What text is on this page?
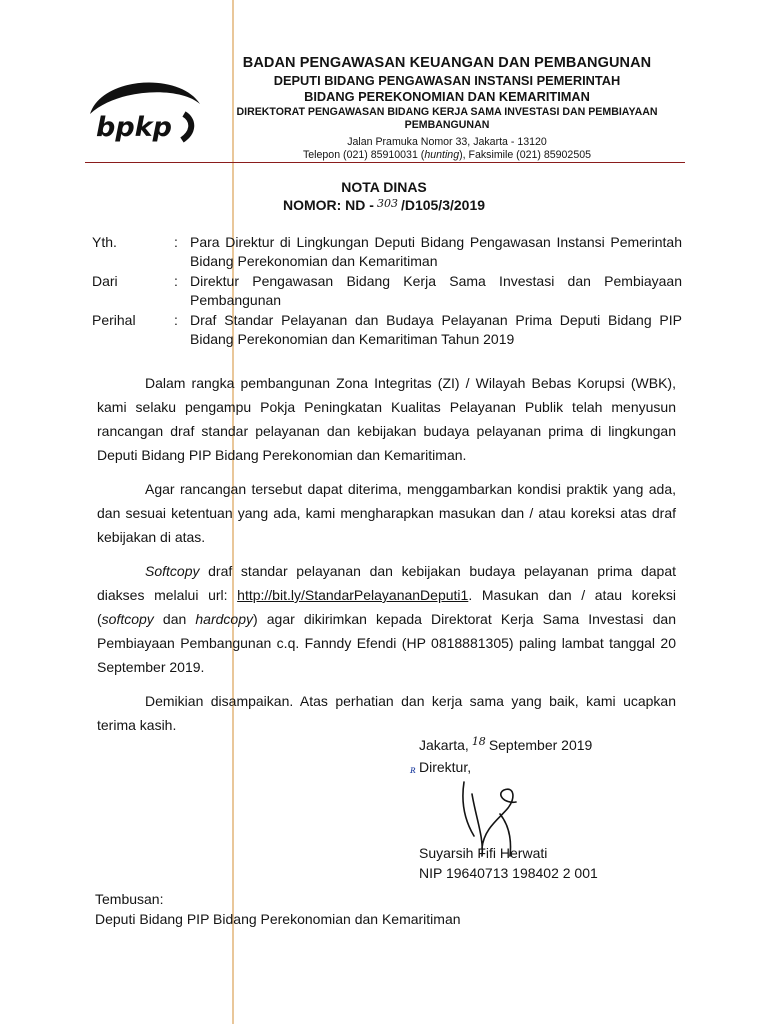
bpkp
BADAN PENGAWASAN KEUANGAN DAN PEMBANGUNAN
DEPUTI BIDANG PENGAWASAN INSTANSI PEMERINTAH
BIDANG PEREKONOMIAN DAN KEMARITIMAN
DIREKTORAT PENGAWASAN BIDANG KERJA SAMA INVESTASI DAN PEMBIAYAAN
PEMBANGUNAN
Jalan Pramuka Nomor 33, Jakarta - 13120
Telepon (021) 85910031 (hunting), Faksimile (021) 85902505
NOTA DINAS
NOMOR: ND - $^{303}$ /D105/3/2019
Yth.	: Para Direktur di Lingkungan Deputi Bidang Pengawasan Instansi Pemerintah Bidang Perekonomian dan Kemaritiman
Dari	: Direktur Pengawasan Bidang Kerja Sama Investasi dan Pembiayaan Pembangunan
Perihal	: Draf Standar Pelayanan dan Budaya Pelayanan Prima Deputi Bidang PIP Bidang Perekonomian dan Kemaritiman Tahun 2019

Dalam rangka pembangunan Zona Integritas (ZI) / Wilayah Bebas Korupsi (WBK), kami selaku pengampu Pokja Peningkatan Kualitas Pelayanan Publik telah menyusun rancangan draf standar pelayanan dan kebijakan budaya pelayanan prima di lingkungan Deputi Bidang PIP Bidang Perekonomian dan Kemaritiman.

Agar rancangan tersebut dapat diterima, menggambarkan kondisi praktik yang ada, dan sesuai ketentuan yang ada, kami mengharapkan masukan dan / atau koreksi atas draf kebijakan di atas.

Softcopy draf standar pelayanan dan kebijakan budaya pelayanan prima dapat diakses melalui url: http://bit.ly/StandarPelayananDeputi1. Masukan dan / atau koreksi (softcopy dan hardcopy) agar dikirimkan kepada Direktorat Kerja Sama Investasi dan Pembiayaan Pembangunan c.q. Fanndy Efendi (HP 0818881305) paling lambat tanggal 20 September 2019.

Demikian disampaikan. Atas perhatian dan kerja sama yang baik, kami ucapkan terima kasih.

Jakarta, $^{18}$ September 2019
Direktur,
ʀ
Suyarsih Fifi Herwati
NIP 19640713 198402 2 001
Tembusan:
Deputi Bidang PIP Bidang Perekonomian dan Kemaritiman
